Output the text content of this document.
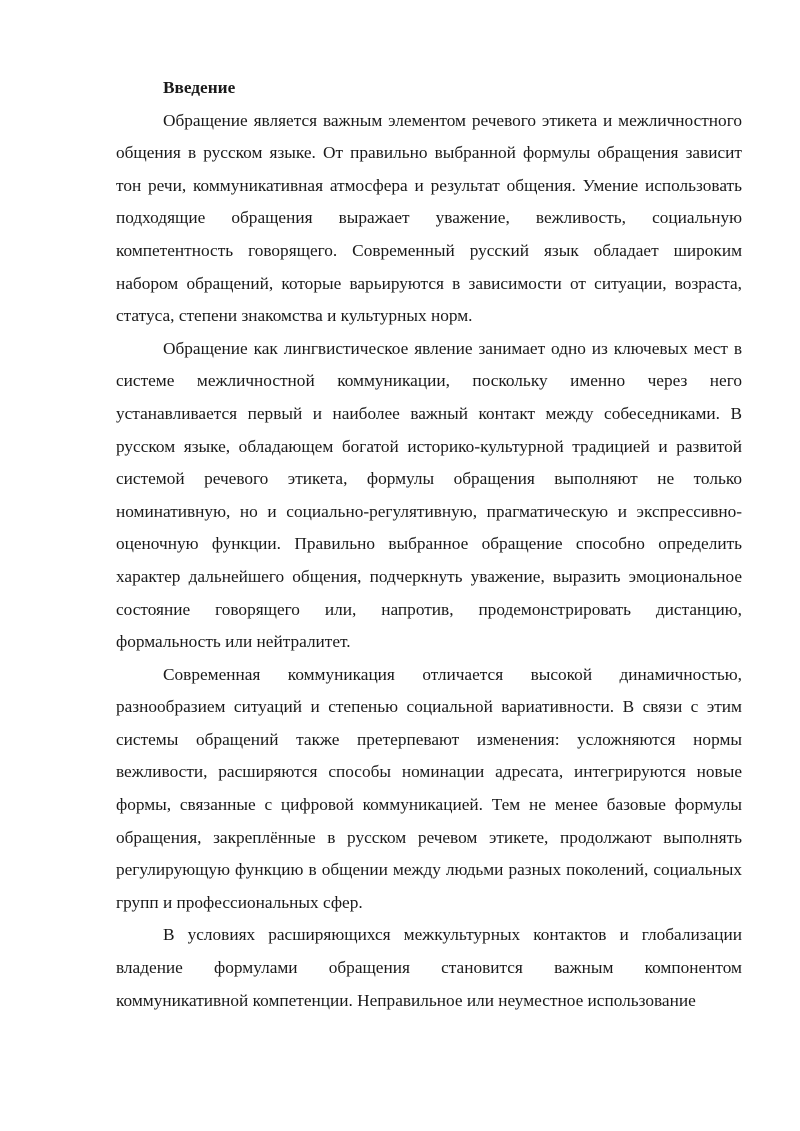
Введение

Обращение является важным элементом речевого этикета и межличностного общения в русском языке. От правильно выбранной формулы обращения зависит тон речи, коммуникативная атмосфера и результат общения. Умение использовать подходящие обращения выражает уважение, вежливость, социальную компетентность говорящего. Современный русский язык обладает широким набором обращений, которые варьируются в зависимости от ситуации, возраста, статуса, степени знакомства и культурных норм.

Обращение как лингвистическое явление занимает одно из ключевых мест в системе межличностной коммуникации, поскольку именно через него устанавливается первый и наиболее важный контакт между собеседниками. В русском языке, обладающем богатой историко-культурной традицией и развитой системой речевого этикета, формулы обращения выполняют не только номинативную, но и социально-регулятивную, прагматическую и экспрессивно-оценочную функции. Правильно выбранное обращение способно определить характер дальнейшего общения, подчеркнуть уважение, выразить эмоциональное состояние говорящего или, напротив, продемонстрировать дистанцию, формальность или нейтралитет.

Современная коммуникация отличается высокой динамичностью, разнообразием ситуаций и степенью социальной вариативности. В связи с этим системы обращений также претерпевают изменения: усложняются нормы вежливости, расширяются способы номинации адресата, интегрируются новые формы, связанные с цифровой коммуникацией. Тем не менее базовые формулы обращения, закреплённые в русском речевом этикете, продолжают выполнять регулирующую функцию в общении между людьми разных поколений, социальных групп и профессиональных сфер.

В условиях расширяющихся межкультурных контактов и глобализации владение формулами обращения становится важным компонентом коммуникативной компетенции. Неправильное или неуместное использование
